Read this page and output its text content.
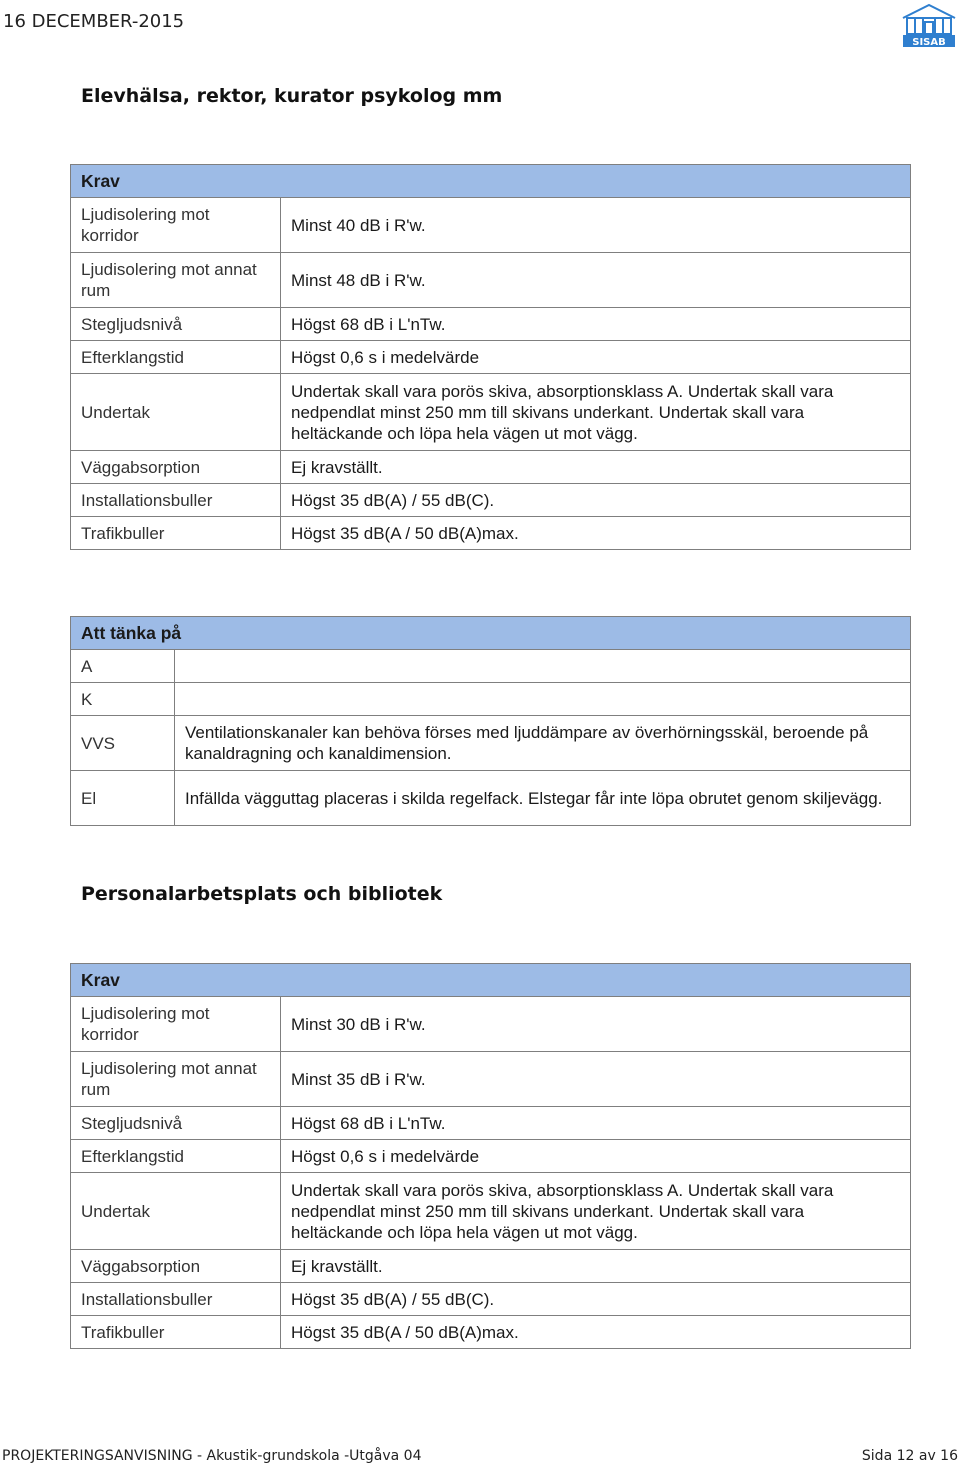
16 DECEMBER-2015
SISAB
Elevhälsa, rektor, kurator psykolog mm
Krav	
Ljudisolering mot korridor	Minst 40 dB i R'w.
Ljudisolering mot annat rum	Minst 48 dB i R'w.
Stegljudsnivå	Högst 68 dB i L'nTw.
Efterklangstid	Högst 0,6 s i medelvärde
Undertak	Undertak skall vara porös skiva, absorptionsklass A. Undertak skall vara nedpendlat minst 250 mm till skivans underkant. Undertak skall vara heltäckande och löpa hela vägen ut mot vägg.
Väggabsorption	Ej kravställt.
Installationsbuller	Högst 35 dB(A) / 55 dB(C).
Trafikbuller	Högst 35 dB(A / 50 dB(A)max.
Att tänka på	
A	
K	
VVS	Ventilationskanaler kan behöva förses med ljuddämpare av överhörningsskäl, beroende på kanaldragning och kanaldimension.
El	Infällda vägguttag placeras i skilda regelfack. Elstegar får inte löpa obrutet genom skiljevägg.
Personalarbetsplats och bibliotek
Krav	
Ljudisolering mot korridor	Minst 30 dB i R'w.
Ljudisolering mot annat rum	Minst 35 dB i R'w.
Stegljudsnivå	Högst 68 dB i L'nTw.
Efterklangstid	Högst 0,6 s i medelvärde
Undertak	Undertak skall vara porös skiva, absorptionsklass A. Undertak skall vara nedpendlat minst 250 mm till skivans underkant. Undertak skall vara heltäckande och löpa hela vägen ut mot vägg.
Väggabsorption	Ej kravställt.
Installationsbuller	Högst 35 dB(A) / 55 dB(C).
Trafikbuller	Högst 35 dB(A / 50 dB(A)max.
PROJEKTERINGSANVISNING - Akustik-grundskola -Utgåva 04	Sida 12 av 16
